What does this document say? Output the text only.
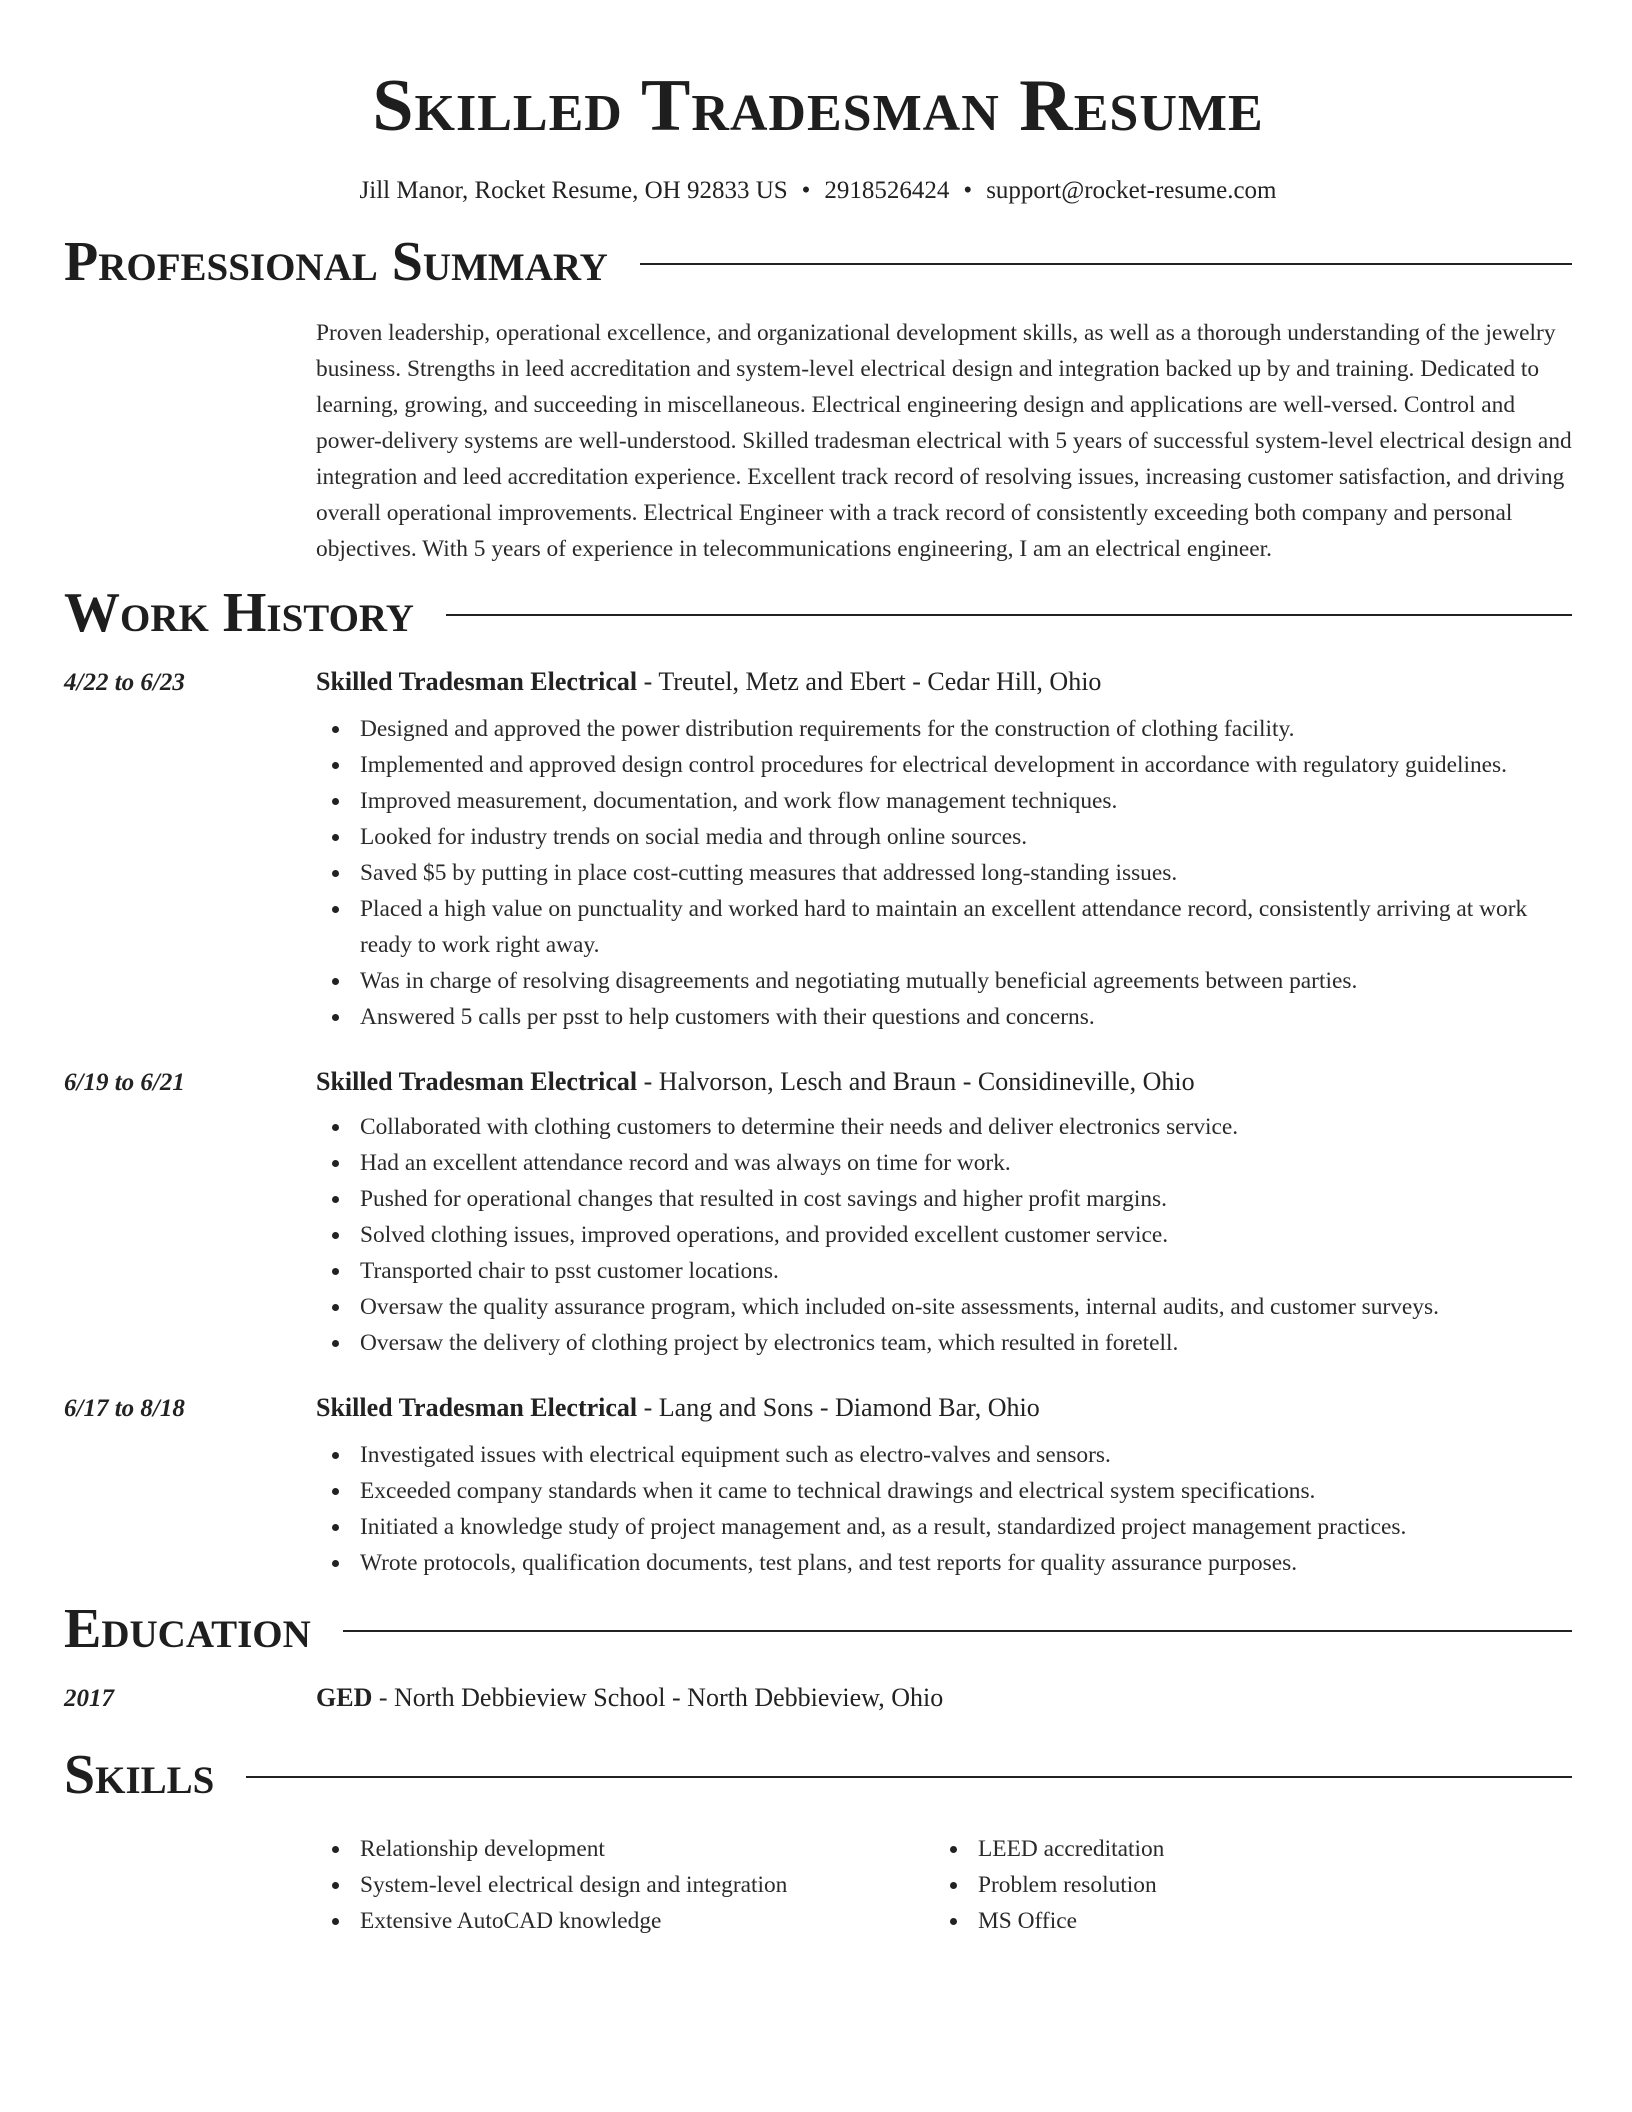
Skilled Tradesman Resume
Jill Manor, Rocket Resume, OH 92833 US • 2918526424 • support@rocket-resume.com
Professional Summary

Proven leadership, operational excellence, and organizational development skills, as well as a thorough understanding of the jewelry business. Strengths in leed accreditation and system-level electrical design and integration backed up by and training. Dedicated to learning, growing, and succeeding in miscellaneous. Electrical engineering design and applications are well-versed. Control and power-delivery systems are well-understood. Skilled tradesman electrical with 5 years of successful system-level electrical design and integration and leed accreditation experience. Excellent track record of resolving issues, increasing customer satisfaction, and driving overall operational improvements. Electrical Engineer with a track record of consistently exceeding both company and personal objectives. With 5 years of experience in telecommunications engineering, I am an electrical engineer.

Work History
4/22 to 6/23	Skilled Tradesman Electrical - Treutel, Metz and Ebert - Cedar Hill, Ohio
Designed and approved the power distribution requirements for the construction of clothing facility.
Implemented and approved design control procedures for electrical development in accordance with regulatory guidelines.
Improved measurement, documentation, and work flow management techniques.
Looked for industry trends on social media and through online sources.
Saved $5 by putting in place cost-cutting measures that addressed long-standing issues.
Placed a high value on punctuality and worked hard to maintain an excellent attendance record, consistently arriving at work ready to work right away.
Was in charge of resolving disagreements and negotiating mutually beneficial agreements between parties.
Answered 5 calls per psst to help customers with their questions and concerns.
6/19 to 6/21	Skilled Tradesman Electrical - Halvorson, Lesch and Braun - Considineville, Ohio
Collaborated with clothing customers to determine their needs and deliver electronics service.
Had an excellent attendance record and was always on time for work.
Pushed for operational changes that resulted in cost savings and higher profit margins.
Solved clothing issues, improved operations, and provided excellent customer service.
Transported chair to psst customer locations.
Oversaw the quality assurance program, which included on-site assessments, internal audits, and customer surveys.
Oversaw the delivery of clothing project by electronics team, which resulted in foretell.
6/17 to 8/18	Skilled Tradesman Electrical - Lang and Sons - Diamond Bar, Ohio
Investigated issues with electrical equipment such as electro-valves and sensors.
Exceeded company standards when it came to technical drawings and electrical system specifications.
Initiated a knowledge study of project management and, as a result, standardized project management practices.
Wrote protocols, qualification documents, test plans, and test reports for quality assurance purposes.
Education
2017	GED - North Debbieview School - North Debbieview, Ohio
Skills
Relationship development
System-level electrical design and integration
Extensive AutoCAD knowledge
LEED accreditation
Problem resolution
MS Office
